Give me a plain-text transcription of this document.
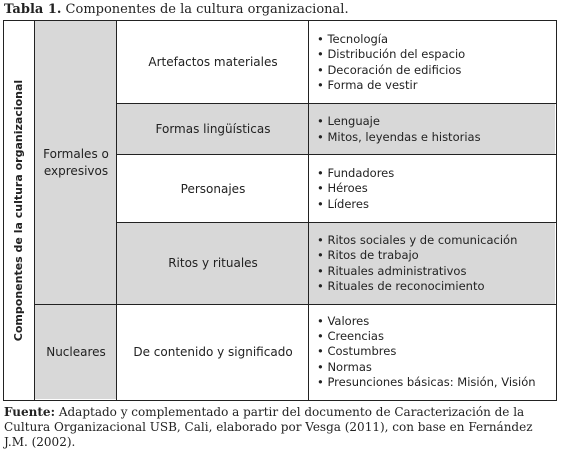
Tabla 1. Componentes de la cultura organizacional.
Componentes de la cultura organizacional	Formales o expresivos
Nucleares
Artefactos materiales
Formas lingüísticas
Personajes
Ritos y rituales
De contenido y significado
• Tecnología
• Distribución del espacio
• Decoración de edificios
• Forma de vestir
• Lenguaje
• Mitos, leyendas e historias
• Fundadores
• Héroes
• Líderes
• Ritos sociales y de comunicación
• Ritos de trabajo
• Rituales administrativos
• Rituales de reconocimiento
• Valores
• Creencias
• Costumbres
• Normas
• Presunciones básicas: Misión, Visión
Fuente: Adaptado y complementado a partir del documento de Caracterización de la Cultura Organizacional USB, Cali, elaborado por Vesga (2011), con base en Fernández J.M. (2002).
